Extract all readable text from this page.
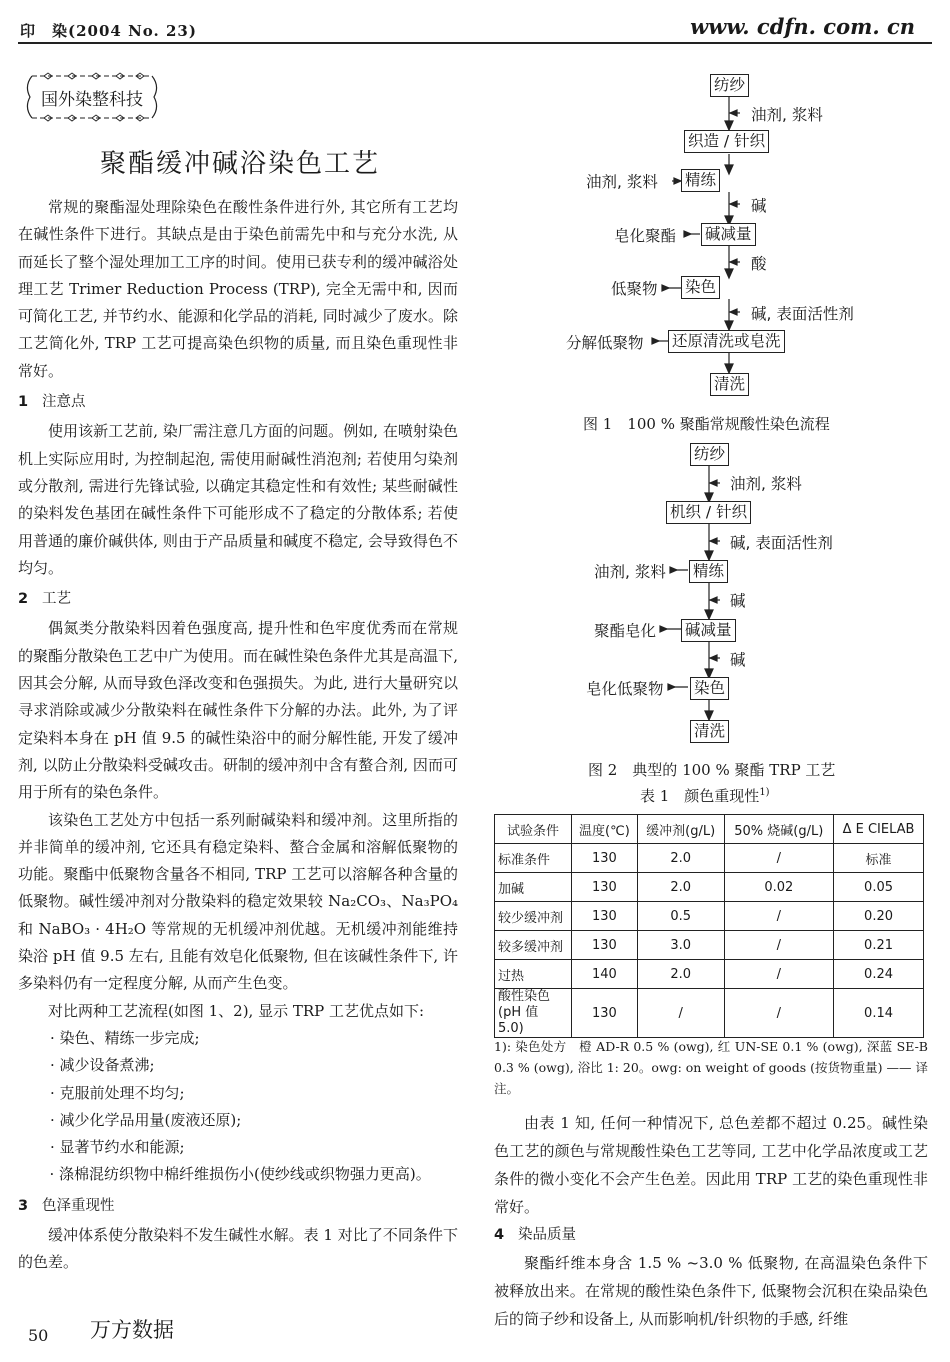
印　染(2004 No. 23)	www. cdfn. com. cn
国外染整科技
聚酯缓冲碱浴染色工艺

常规的聚酯湿处理除染色在酸性条件进行外, 其它所有工艺均在碱性条件下进行。其缺点是由于染色前需先中和与充分水洗, 从而延长了整个湿处理加工工序的时间。使用已获专利的缓冲碱浴处理工艺 Trimer Reduction Process (TRP), 完全无需中和, 因而可简化工艺, 并节约水、能源和化学品的消耗, 同时减少了废水。除工艺简化外, TRP 工艺可提高染色织物的质量, 而且染色重现性非常好。

1 注意点

使用该新工艺前, 染厂需注意几方面的问题。例如, 在喷射染色机上实际应用时, 为控制起泡, 需使用耐碱性消泡剂; 若使用匀染剂或分散剂, 需进行先锋试验, 以确定其稳定性和有效性; 某些耐碱性的染料发色基团在碱性条件下可能形成不了稳定的分散体系; 若使用普通的廉价碱供体, 则由于产品质量和碱度不稳定, 会导致得色不均匀。

2 工艺

偶氮类分散染料因着色强度高, 提升性和色牢度优秀而在常规的聚酯分散染色工艺中广为使用。而在碱性染色条件尤其是高温下, 因其会分解, 从而导致色泽改变和色强损失。为此, 进行大量研究以寻求消除或减少分散染料在碱性条件下分解的办法。此外, 为了评定染料本身在 pH 值 9.5 的碱性染浴中的耐分解性能, 开发了缓冲剂, 以防止分散染料受碱攻击。研制的缓冲剂中含有螯合剂, 因而可用于所有的染色条件。

该染色工艺处方中包括一系列耐碱染料和缓冲剂。这里所指的并非简单的缓冲剂, 它还具有稳定染料、螯合金属和溶解低聚物的功能。聚酯中低聚物含量各不相同, TRP 工艺可以溶解各种含量的低聚物。碱性缓冲剂对分散染料的稳定效果较 Na₂CO₃、Na₃PO₄ 和 NaBO₃ · 4H₂O 等常规的无机缓冲剂优越。无机缓冲剂能维持染浴 pH 值 9.5 左右, 且能有效皂化低聚物, 但在该碱性条件下, 许多染料仍有一定程度分解, 从而产生色变。

对比两种工艺流程(如图 1、2), 显示 TRP 工艺优点如下:

· 染色、精练一步完成;

· 减少设备煮沸;

· 克服前处理不均匀;

· 减少化学品用量(废液还原);

· 显著节约水和能源;

· 涤棉混纺织物中棉纤维损伤小(使纱线或织物强力更高)。

3 色泽重现性

缓冲体系使分散染料不发生碱性水解。表 1 对比了不同条件下的色差。

纺纱
织造 / 针织
精练
碱减量
染色
还原清洗或皂洗
清洗
油剂, 浆料
碱
酸
碱, 表面活性剂
油剂, 浆料
皂化聚酯
低聚物
分解低聚物
图 1　100 % 聚酯常规酸性染色流程
纺纱
机织 / 针织
精练
碱减量
染色
清洗
油剂, 浆料
碱, 表面活性剂
碱
碱
油剂, 浆料
聚酯皂化
皂化低聚物
图 2　典型的 100 % 聚酯 TRP 工艺
表 1　颜色重现性$^{1)}$
试验条件	温度(℃)	缓冲剂(g/L)	50% 烧碱(g/L)	Δ E CIELAB
标准条件	130	2.0	/	标准
加碱	130	2.0	0.02	0.05
较少缓冲剂	130	0.5	/	0.20
较多缓冲剂	130	3.0	/	0.21
过热	140	2.0	/	0.24
酸性染色 (pH 值 5.0)	130	/	/	0.14
1): 染色处方　橙 AD-R 0.5 % (owg), 红 UN-SE 0.1 % (owg), 深蓝 SE-B 0.3 % (owg), 浴比 1: 20。owg: on weight of goods (按货物重量) —— 译注。

由表 1 知, 任何一种情况下, 总色差都不超过 0.25。碱性染色工艺的颜色与常规酸性染色工艺等同, 工艺中化学品浓度或工艺条件的微小变化不会产生色差。因此用 TRP 工艺的染色重现性非常好。

4 染品质量

聚酯纤维本身含 1.5 % ~3.0 % 低聚物, 在高温染色条件下被释放出来。在常规的酸性染色条件下, 低聚物会沉积在染品染色后的筒子纱和设备上, 从而影响机/针织物的手感, 纤维

50 万方数据
